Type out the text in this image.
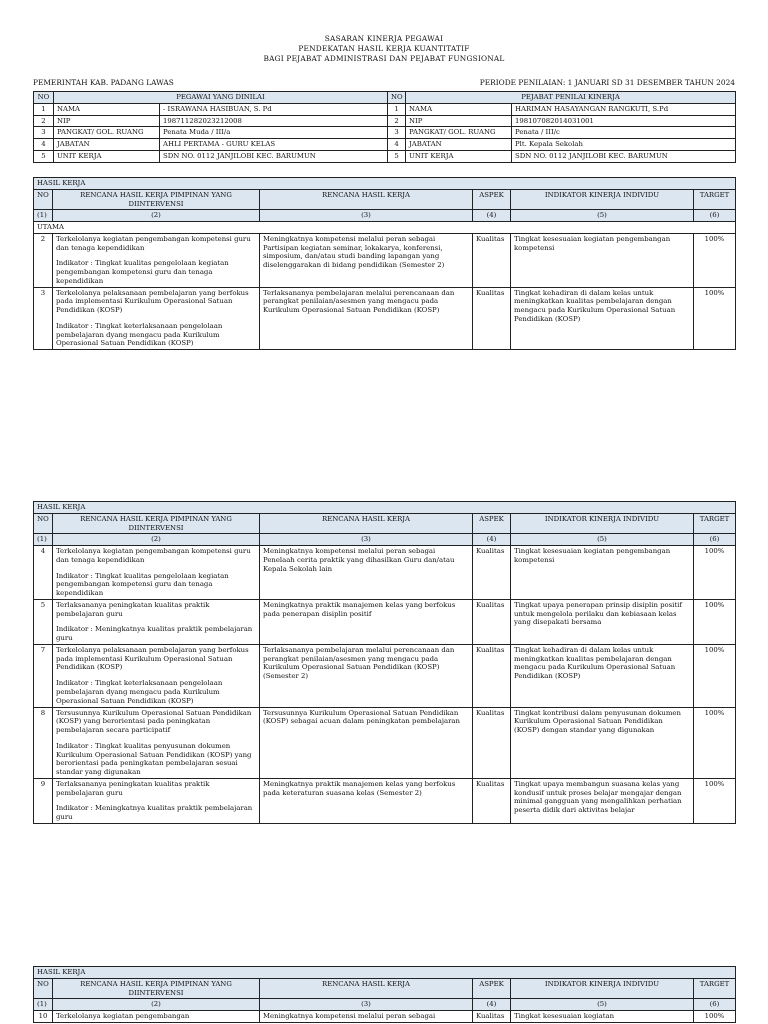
SASARAN KINERJA PEGAWAI
PENDEKATAN HASIL KERJA KUANTITATIF
BAGI PEJABAT ADMINISTRASI DAN PEJABAT FUNGSIONAL
PEMERINTAH KAB. PADANG LAWAS	PERIODE PENILAIAN: 1 JANUARI SD 31 DESEMBER TAHUN 2024
NO	PEGAWAI YANG DINILAI		NO	PEJABAT PENILAI KINERJA	
1	NAMA	- ISRAWANA HASIBUAN, S. Pd	1	NAMA	HARIMAN HASAYANGAN RANGKUTI, S.Pd
2	NIP	198711282023212008	2	NIP	198107082014031001
3	PANGKAT/ GOL. RUANG	Penata Muda / III/a	3	PANGKAT/ GOL. RUANG	Penata / III/c
4	JABATAN	AHLI PERTAMA - GURU KELAS	4	JABATAN	Plt. Kepala Sekolah
5	UNIT KERJA	SDN NO. 0112 JANJILOBI KEC. BARUMUN	5	UNIT KERJA	SDN NO. 0112 JANJILOBI KEC. BARUMUN
HASIL KERJA					
NO	RENCANA HASIL KERJA PIMPINAN YANG DIINTERVENSI	RENCANA HASIL KERJA	ASPEK	INDIKATOR KINERJA INDIVIDU	TARGET
(1)	(2)	(3)	(4)	(5)	(6)
UTAMA					
2	Terkelolanya kegiatan pengembangan kompetensi guru dan tenaga kependidikan
Indikator : Tingkat kualitas pengelolaan kegiatan pengembangan kompetensi guru dan tenaga kependidikan	Meningkatnya kompetensi melalui peran sebagai Partisipan kegiatan seminar, lokakarya, konferensi, simposium, dan/atau studi banding lapangan yang diselenggarakan di bidang pendidikan (Semester 2)	Kualitas	Tingkat kesesuaian kegiatan pengembangan kompetensi	100%
3	Terkelolanya pelaksanaan pembelajaran yang berfokus pada implementasi Kurikulum Operasional Satuan Pendidikan (KOSP)
Indikator : Tingkat keterlaksanaan pengelolaan pembelajaran dyang mengacu pada Kurikulum Operasional Satuan Pendidikan (KOSP)	Terlaksananya pembelajaran melalui perencanaan dan perangkat penilaian/asesmen yang mengacu pada Kurikulum Operasional Satuan Pendidikan (KOSP)	Kualitas	Tingkat kehadiran di dalam kelas untuk meningkatkan kualitas pembelajaran dengan mengacu pada Kurikulum Operasional Satuan Pendidikan (KOSP)	100%
HASIL KERJA					
NO	RENCANA HASIL KERJA PIMPINAN YANG DIINTERVENSI	RENCANA HASIL KERJA	ASPEK	INDIKATOR KINERJA INDIVIDU	TARGET
(1)	(2)	(3)	(4)	(5)	(6)
4	Terkelolanya kegiatan pengembangan kompetensi guru dan tenaga kependidikan
Indikator : Tingkat kualitas pengelolaan kegiatan pengembangan kompetensi guru dan tenaga kependidikan	Meningkatnya kompetensi melalui peran sebagai Penelaah cerita praktik yang dihasilkan Guru dan/atau Kepala Sekolah lain	Kualitas	Tingkat kesesuaian kegiatan pengembangan kompetensi	100%
5	Terlaksananya peningkatan kualitas praktik pembelajaran guru
Indikator : Meningkatnya kualitas praktik pembelajaran guru	Meningkatnya praktik manajemen kelas yang berfokus pada penerapan disiplin positif	Kualitas	Tingkat upaya penerapan prinsip disiplin positif untuk mengelola perilaku dan kebiasaan kelas yang disepakati bersama	100%
7	Terkelolanya pelaksanaan pembelajaran yang berfokus pada implementasi Kurikulum Operasional Satuan Pendidikan (KOSP)
Indikator : Tingkat keterlaksanaan pengelolaan pembelajaran dyang mengacu pada Kurikulum Operasional Satuan Pendidikan (KOSP)	Terlaksananya pembelajaran melalui perencanaan dan perangkat penilaian/asesmen yang mengacu pada Kurikulum Operasional Satuan Pendidikan (KOSP) (Semester 2)	Kualitas	Tingkat kehadiran di dalam kelas untuk meningkatkan kualitas pembelajaran dengan mengacu pada Kurikulum Operasional Satuan Pendidikan (KOSP)	100%
8	Tersusunnya Kurikulum Operasional Satuan Pendidikan (KOSP) yang berorientasi pada peningkatan pembelajaran secara participatif
Indikator : Tingkat kualitas penyusunan dokumen Kurikulum Operasional Satuan Pendidikan (KOSP) yang berorientasi pada peningkatan pembelajaran sesuai standar yang digunakan	Tersusunnya Kurikulum Operasional Satuan Pendidikan (KOSP) sebagai acuan dalam peningkatan pembelajaran	Kualitas	Tingkat kontribusi dalam penyusunan dokumen Kurikulum Operasional Satuan Pendidikan (KOSP) dengan standar yang digunakan	100%
9	Terlaksananya peningkatan kualitas praktik pembelajaran guru
Indikator : Meningkatnya kualitas praktik pembelajaran guru	Meningkatnya praktik manajemen kelas yang berfokus pada keteraturan suasana kelas (Semester 2)	Kualitas	Tingkat upaya membangun suasana kelas yang kondusif untuk proses belajar mengajar dengan minimal gangguan yang mengalihkan perhatian peserta didik dari aktivitas belajar	100%
HASIL KERJA					
NO	RENCANA HASIL KERJA PIMPINAN YANG DIINTERVENSI	RENCANA HASIL KERJA	ASPEK	INDIKATOR KINERJA INDIVIDU	TARGET
(1)	(2)	(3)	(4)	(5)	(6)
10	Terkelolanya kegiatan pengembangan	Meningkatnya kompetensi melalui peran sebagai	Kualitas	Tingkat kesesuaian kegiatan	100%
